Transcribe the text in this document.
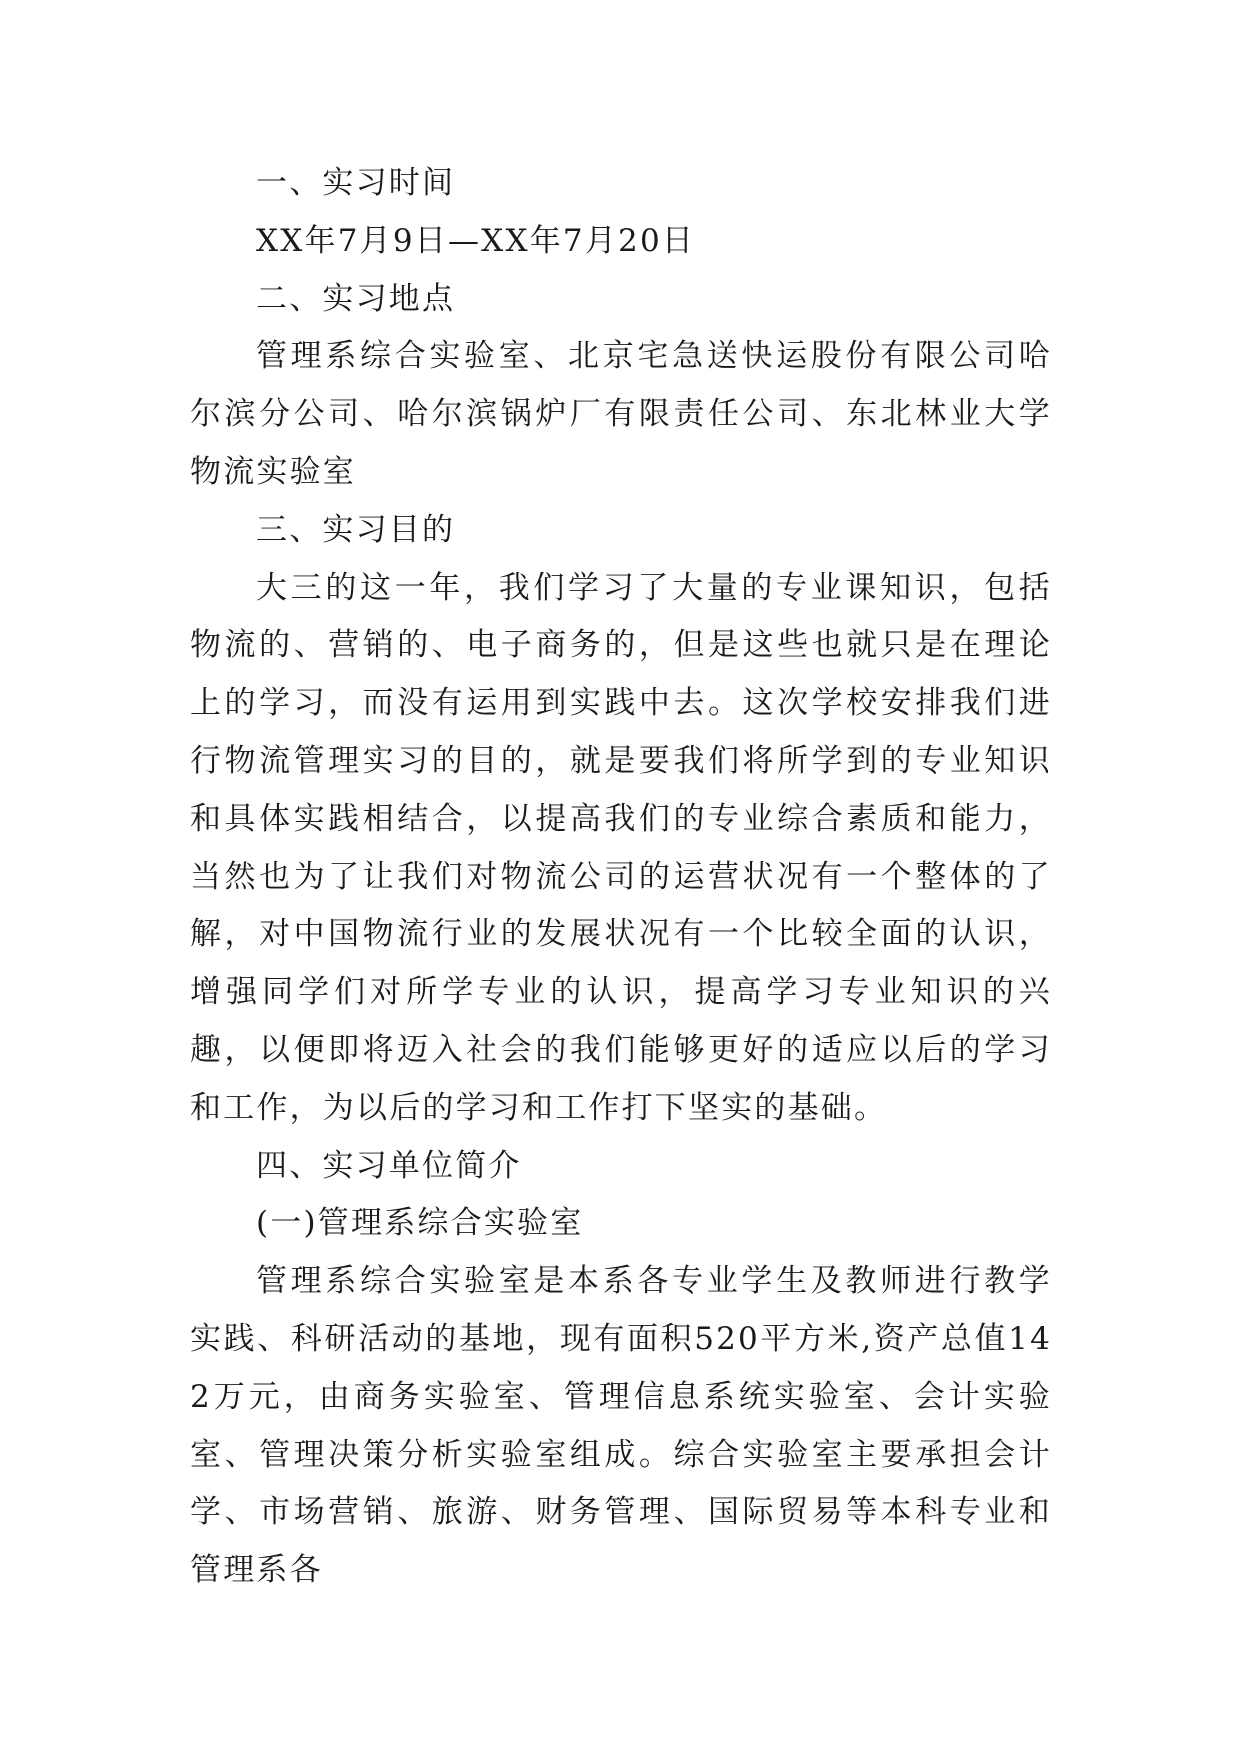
一、实习时间

XX年7月9日—XX年7月20日

二、实习地点

管理系综合实验室、北京宅急送快运股份有限公司哈尔滨分公司、哈尔滨锅炉厂有限责任公司、东北林业大学物流实验室

三、实习目的

大三的这一年，我们学习了大量的专业课知识，包括物流的、营销的、电子商务的，但是这些也就只是在理论上的学习，而没有运用到实践中去。这次学校安排我们进行物流管理实习的目的，就是要我们将所学到的专业知识和具体实践相结合，以提高我们的专业综合素质和能力，当然也为了让我们对物流公司的运营状况有一个整体的了解，对中国物流行业的发展状况有一个比较全面的认识，增强同学们对所学专业的认识，提高学习专业知识的兴趣，以便即将迈入社会的我们能够更好的适应以后的学习和工作，为以后的学习和工作打下坚实的基础。

四、实习单位简介

(一)管理系综合实验室

管理系综合实验室是本系各专业学生及教师进行教学实践、科研活动的基地，现有面积520平方米,资产总值142万元，由商务实验室、管理信息系统实验室、会计实验室、管理决策分析实验室组成。综合实验室主要承担会计学、市场营销、旅游、财务管理、国际贸易等本科专业和管理系各
